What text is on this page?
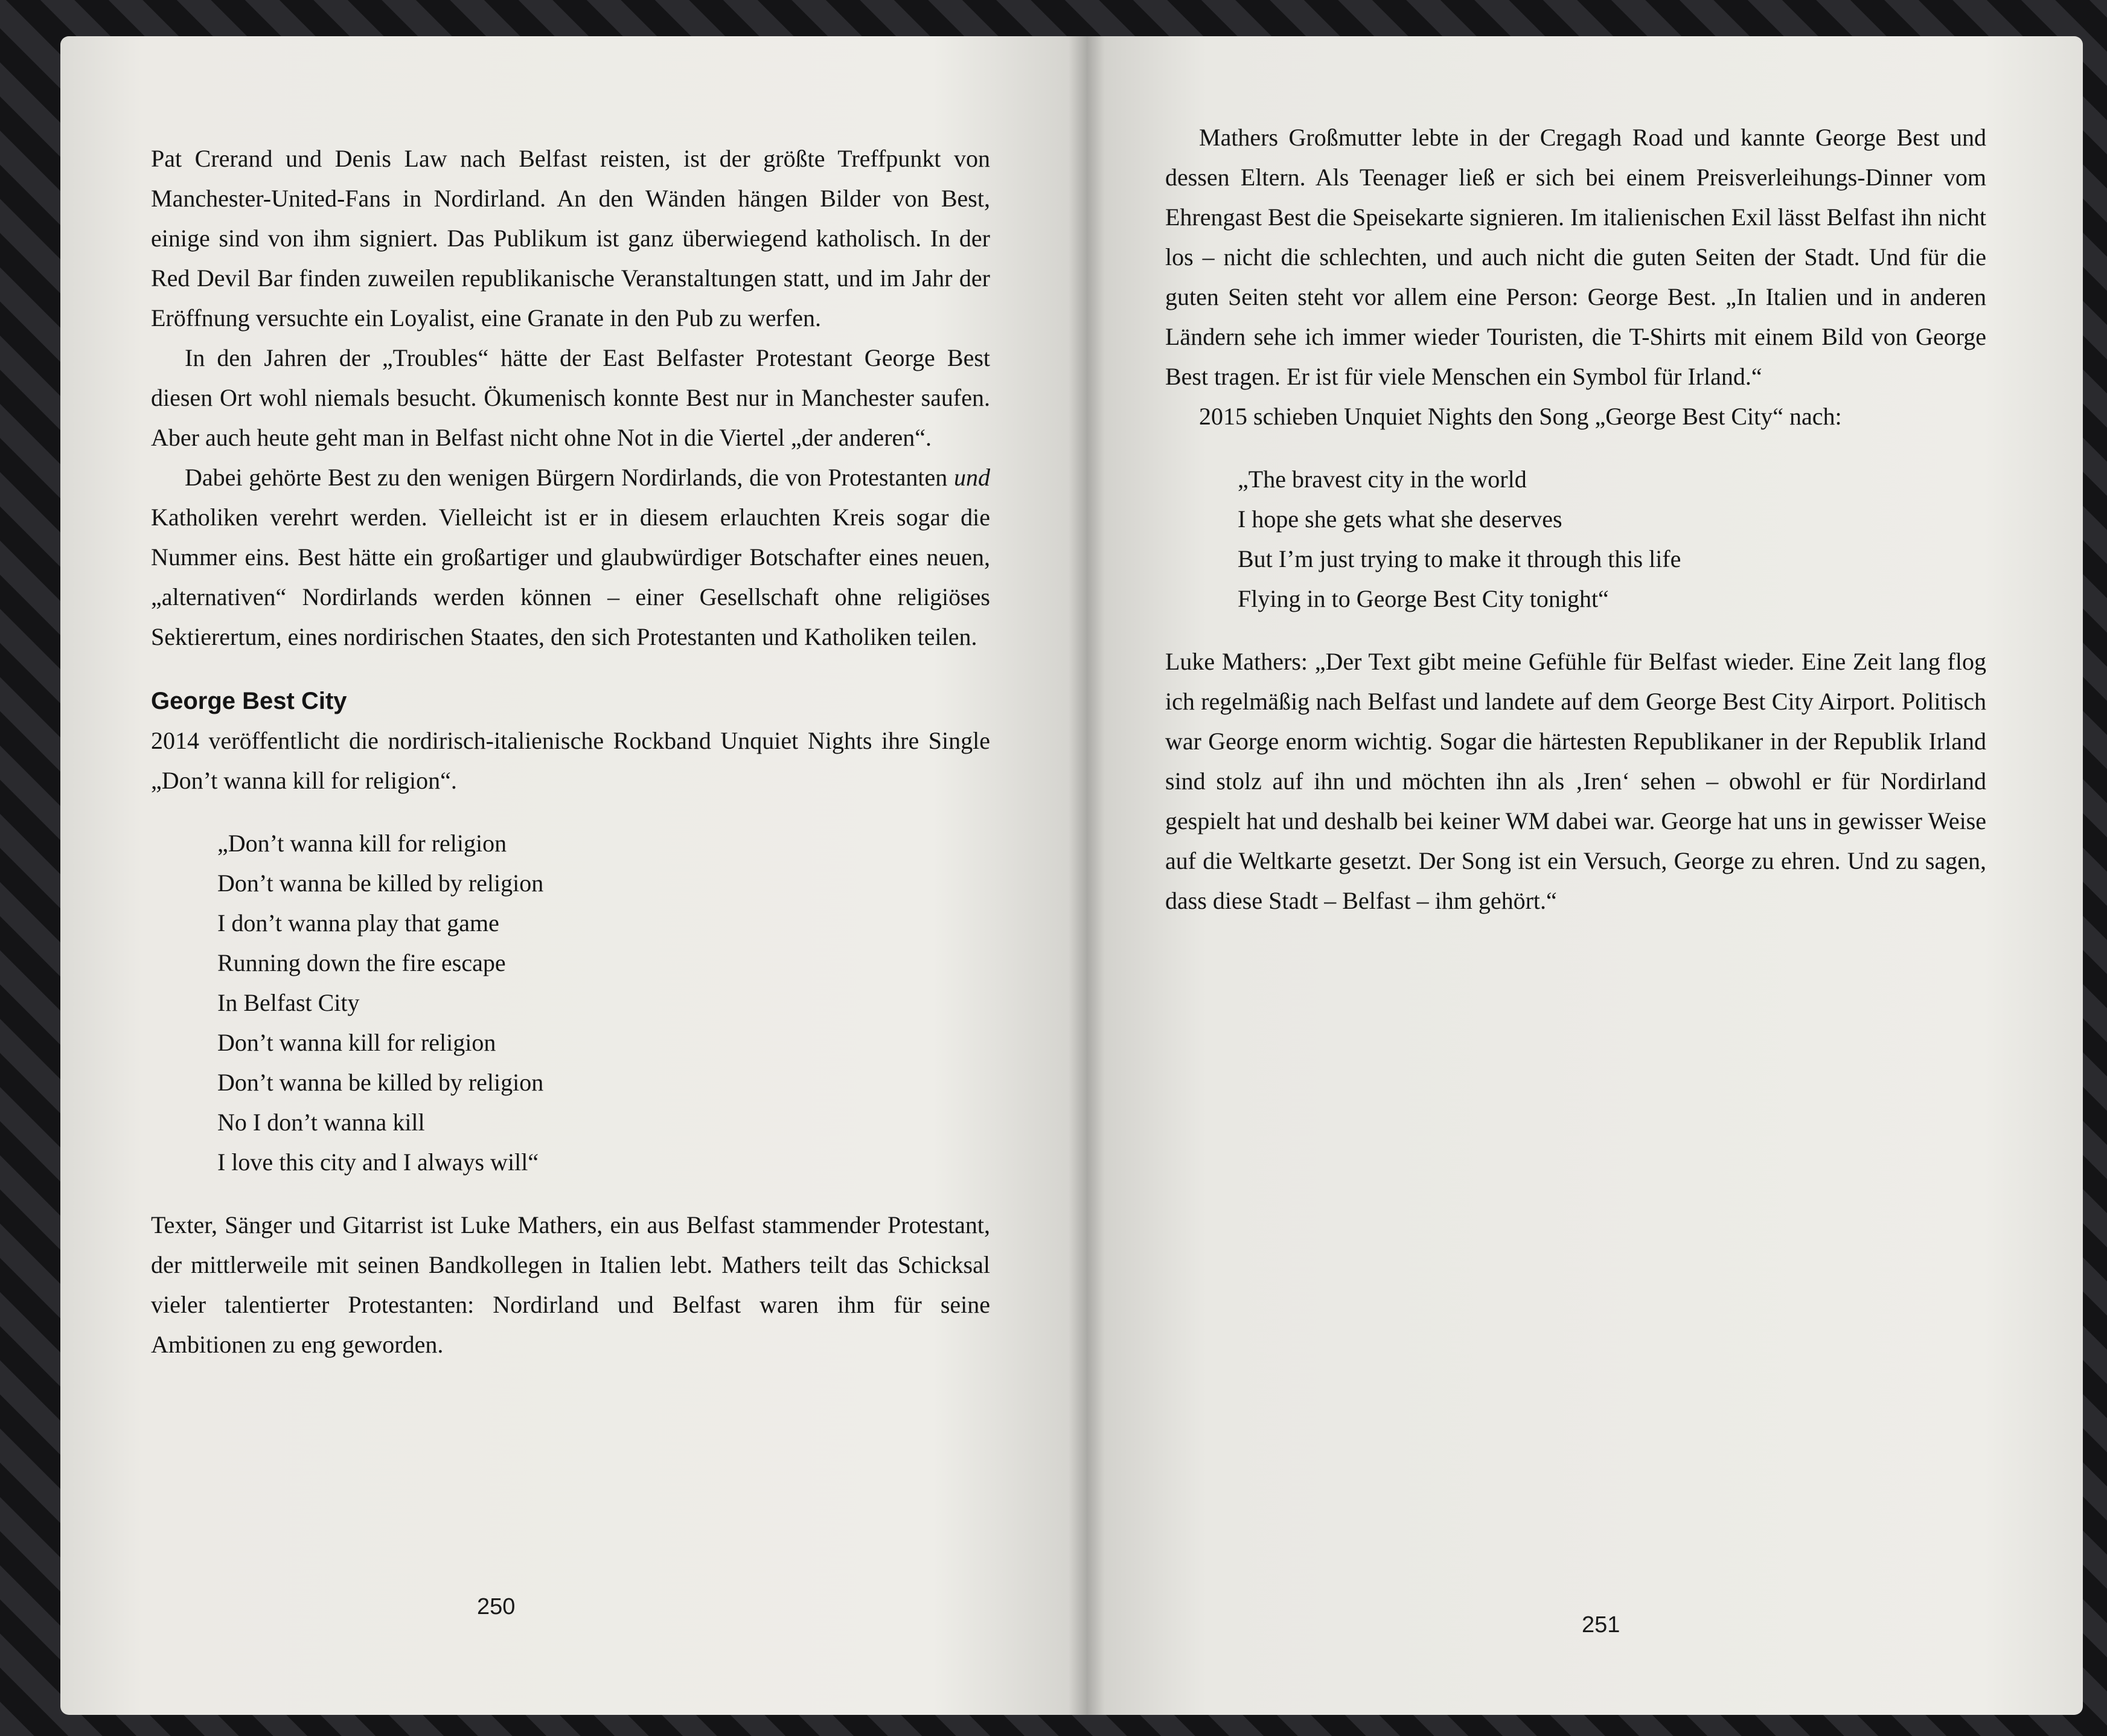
Pat Crerand und Denis Law nach Belfast reisten, ist der größte Treffpunkt von Manchester-United-Fans in Nordirland. An den Wänden hängen Bilder von Best, einige sind von ihm signiert. Das Publikum ist ganz überwiegend katholisch. In der Red Devil Bar finden zuweilen republikanische Veranstaltungen statt, und im Jahr der Eröffnung versuchte ein Loyalist, eine Granate in den Pub zu werfen.

In den Jahren der „Troubles“ hätte der East Belfaster Protestant George Best diesen Ort wohl niemals besucht. Ökumenisch konnte Best nur in Manchester saufen. Aber auch heute geht man in Belfast nicht ohne Not in die Viertel „der anderen“.

Dabei gehörte Best zu den wenigen Bürgern Nordirlands, die von Protestanten und Katholiken verehrt werden. Vielleicht ist er in diesem erlauchten Kreis sogar die Nummer eins. Best hätte ein großartiger und glaubwürdiger Botschafter eines neuen, „alternativen“ Nordirlands werden können – einer Gesellschaft ohne religiöses Sektierertum, eines nordirischen Staates, den sich Protestanten und Katholiken teilen.

George Best City

2014 veröffentlicht die nordirisch-italienische Rockband Unquiet Nights ihre Single „Don’t wanna kill for religion“.

„Don’t wanna kill for religion
Don’t wanna be killed by religion
I don’t wanna play that game
Running down the fire escape
In Belfast City
Don’t wanna kill for religion
Don’t wanna be killed by religion
No I don’t wanna kill
I love this city and I always will“

Texter, Sänger und Gitarrist ist Luke Mathers, ein aus Belfast stammender Protestant, der mittlerweile mit seinen Bandkollegen in Italien lebt. Mathers teilt das Schicksal vieler talentierter Protestanten: Nordirland und Belfast waren ihm für seine Ambitionen zu eng geworden.

250

Mathers Großmutter lebte in der Cregagh Road und kannte George Best und dessen Eltern. Als Teenager ließ er sich bei einem Preisverleihungs-Dinner vom Ehrengast Best die Speisekarte signieren. Im italienischen Exil lässt Belfast ihn nicht los – nicht die schlechten, und auch nicht die guten Seiten der Stadt. Und für die guten Seiten steht vor allem eine Person: George Best. „In Italien und in anderen Ländern sehe ich immer wieder Touristen, die T-Shirts mit einem Bild von George Best tragen. Er ist für viele Menschen ein Symbol für Irland.“

2015 schieben Unquiet Nights den Song „George Best City“ nach:

„The bravest city in the world
I hope she gets what she deserves
But I’m just trying to make it through this life
Flying in to George Best City tonight“

Luke Mathers: „Der Text gibt meine Gefühle für Belfast wieder. Eine Zeit lang flog ich regelmäßig nach Belfast und landete auf dem George Best City Airport. Politisch war George enorm wichtig. Sogar die härtesten Republikaner in der Republik Irland sind stolz auf ihn und möchten ihn als ‚Iren‘ sehen – obwohl er für Nordirland gespielt hat und deshalb bei keiner WM dabei war. George hat uns in gewisser Weise auf die Weltkarte gesetzt. Der Song ist ein Versuch, George zu ehren. Und zu sagen, dass diese Stadt – Belfast – ihm gehört.“

251
